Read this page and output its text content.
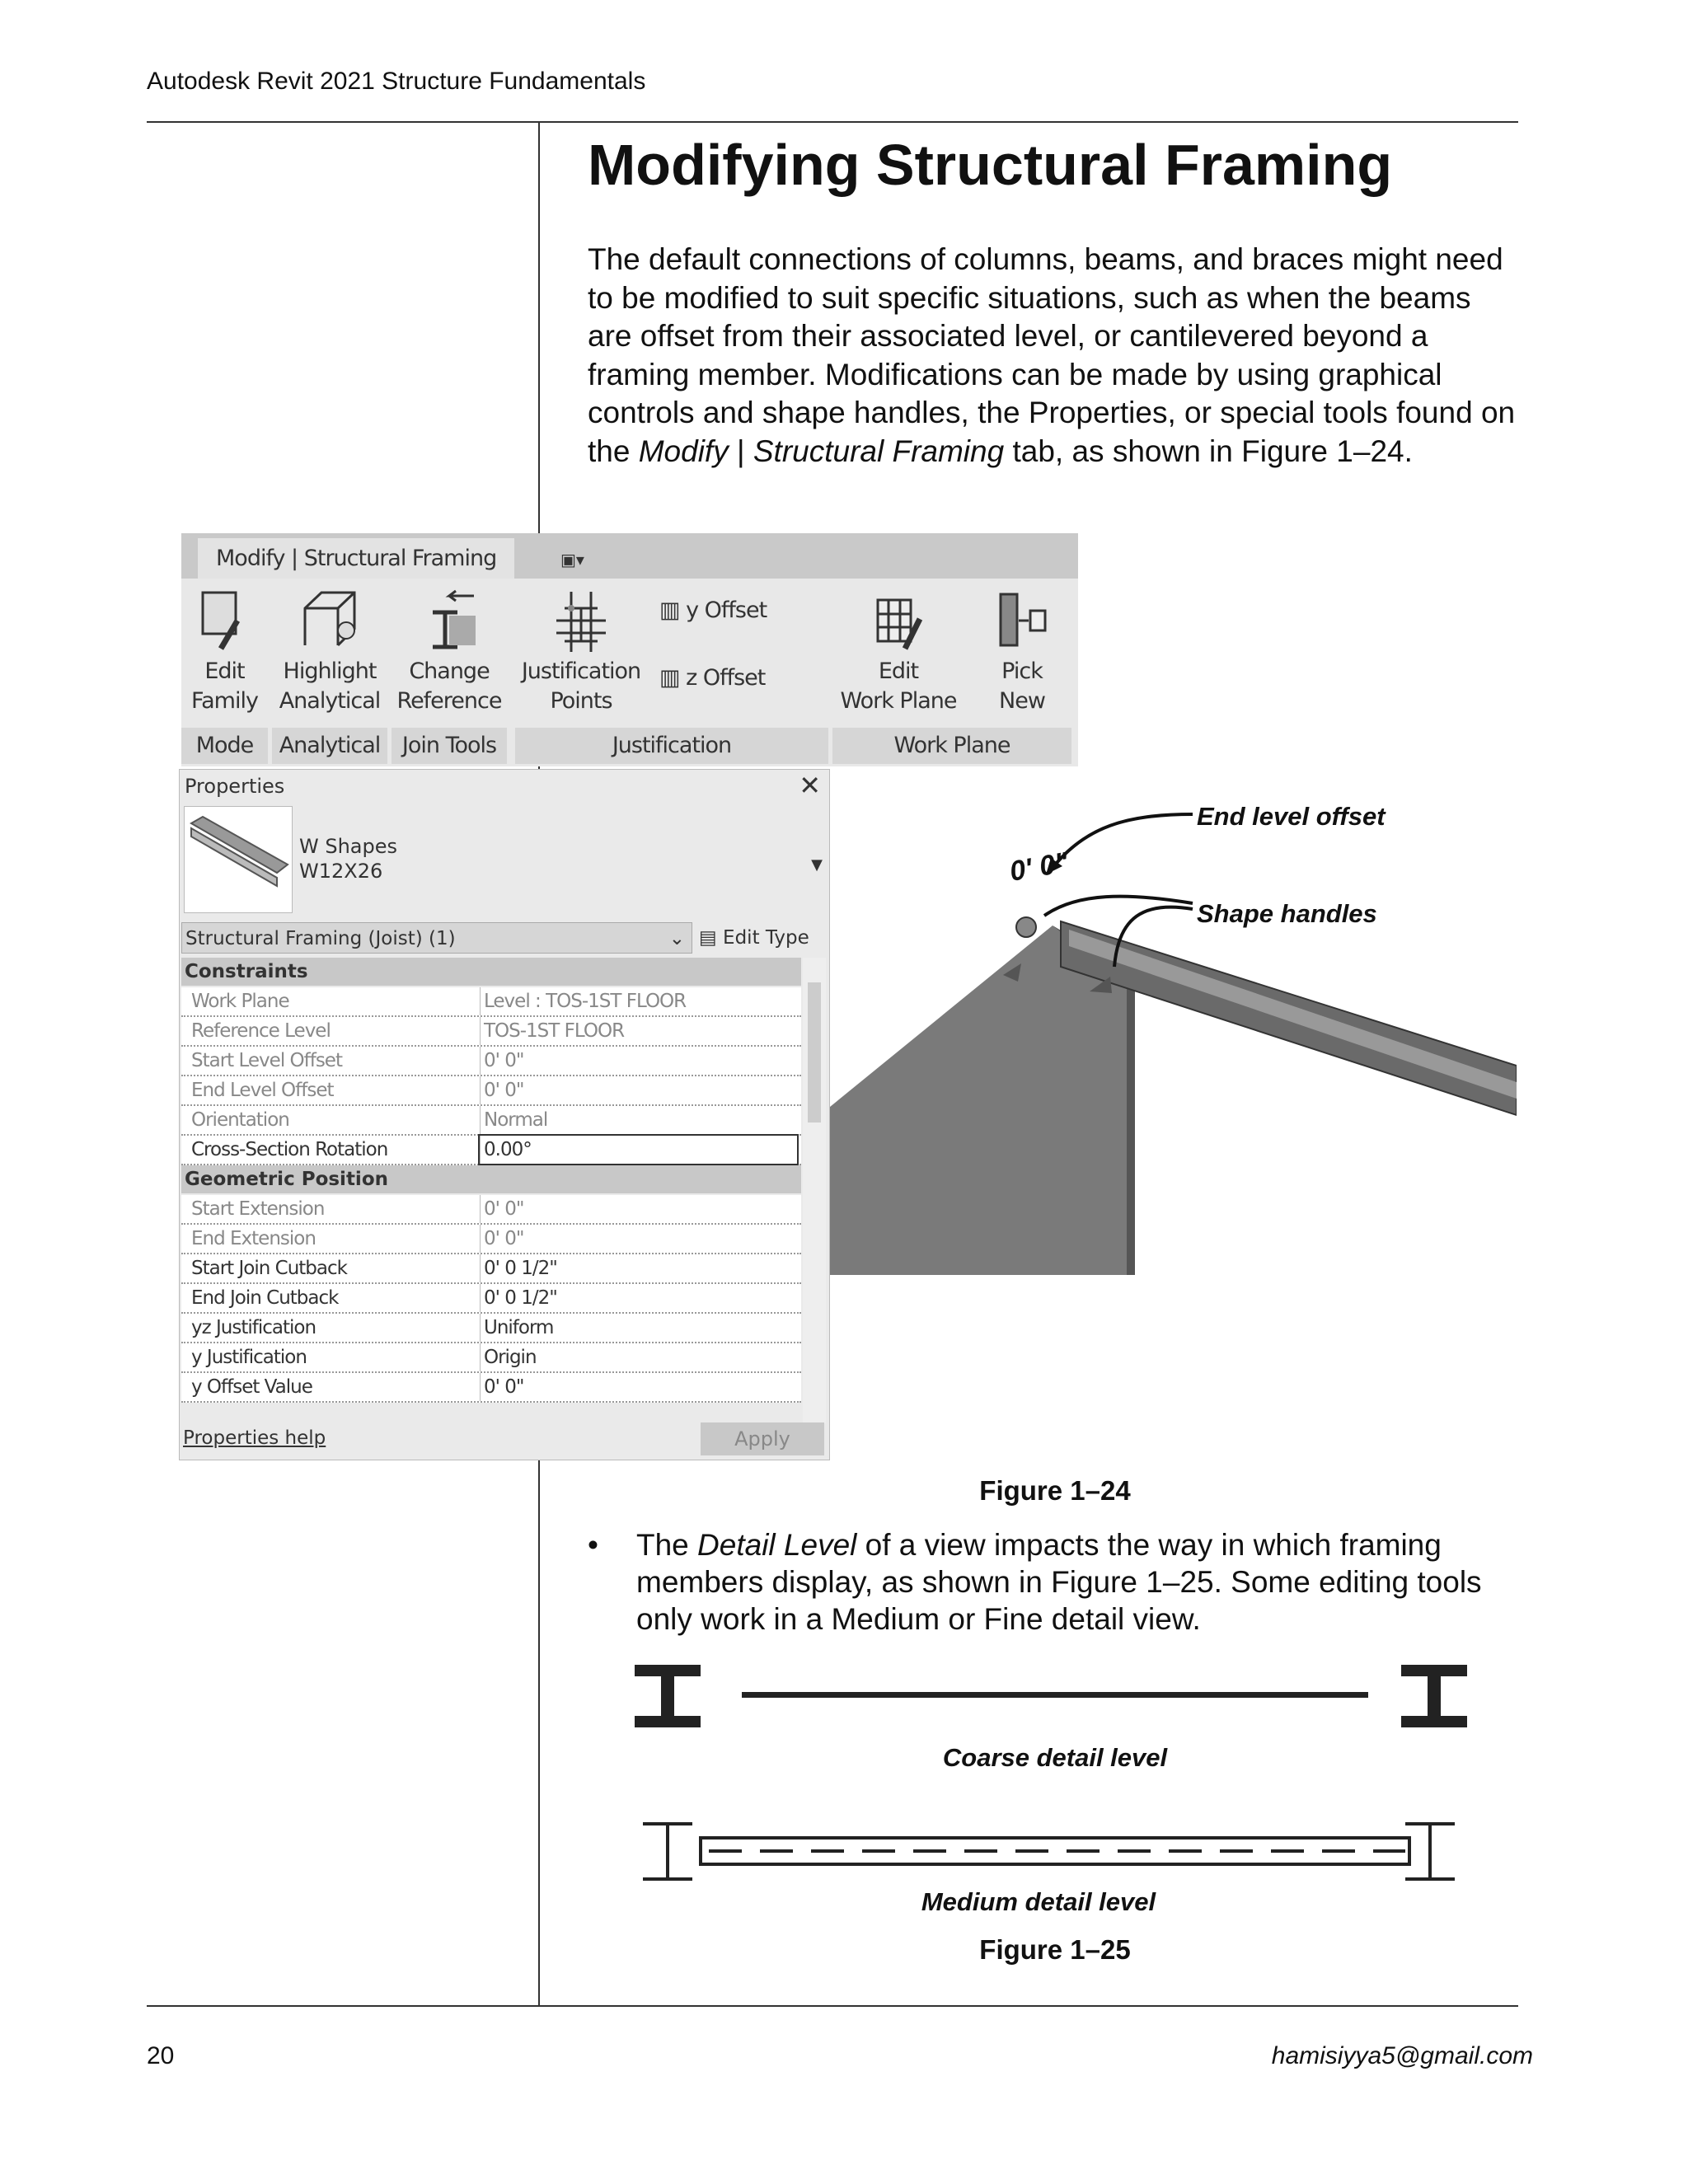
Autodesk Revit 2021 Structure Fundamentals
Modifying Structural Framing
The default connections of columns, beams, and braces might need to be modified to suit specific situations, such as when the beams are offset from their associated level, or cantilevered beyond a framing member. Modifications can be made by using graphical controls and shape handles, the Properties, or special tools found on the Modify | Structural Framing tab, as shown in Figure 1–24.
Modify | Structural Framing	▣▾
Edit
Family
Highlight
Analytical
Change
Reference
Justification
Points
▥ y Offset
▥ z Offset	Edit
Work Plane
Pick
New
Mode	Analytical Join Tools	Justification	Work Plane
Properties	✕
W Shapes
W12X26	▼
Structural Framing (Joist) (1)	⌄ ▤ Edit Type
Constraints
Work Plane	Level : TOS-1ST FLOOR
Reference Level	TOS-1ST FLOOR
Start Level Offset	0' 0"
End Level Offset	0' 0"
Orientation	Normal
Cross-Section Rotation	0.00°
Geometric Position
Start Extension	0' 0"
End Extension	0' 0"
Start Join Cutback	0' 0 1/2"
End Join Cutback	0' 0 1/2"
yz Justification	Uniform
y Justification	Origin
y Offset Value	0' 0"
Properties help	Apply
0' 0"
End level offset
Shape handles
Figure 1–24
• The Detail Level of a view impacts the way in which framing members display, as shown in Figure 1–25. Some editing tools only work in a Medium or Fine detail view.
Coarse detail level
Medium detail level
Figure 1–25
20	hamisiyya5@gmail.com
